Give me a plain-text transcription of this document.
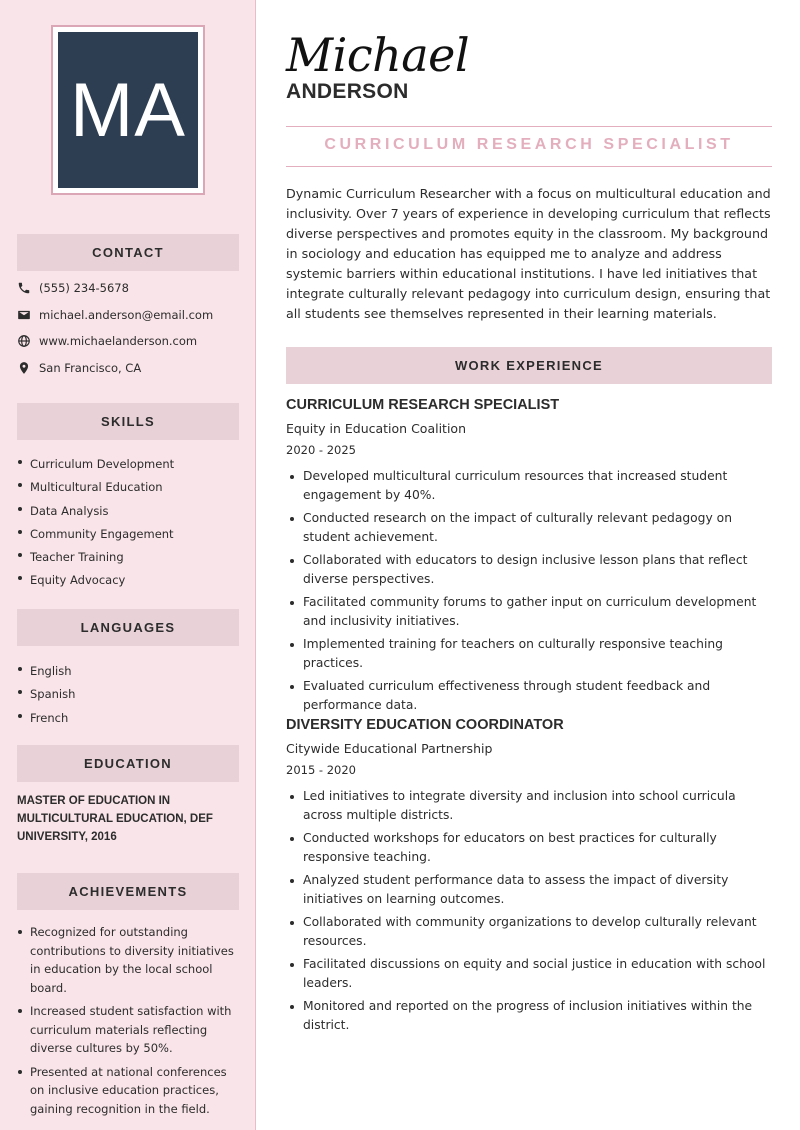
MA
CONTACT
(555) 234-5678
michael.anderson@email.com
www.michaelanderson.com
San Francisco, CA
SKILLS
Curriculum Development
Multicultural Education
Data Analysis
Community Engagement
Teacher Training
Equity Advocacy
LANGUAGES
English
Spanish
French
EDUCATION
MASTER OF EDUCATION IN MULTICULTURAL EDUCATION, DEF UNIVERSITY, 2016
ACHIEVEMENTS
Recognized for outstanding contributions to diversity initiatives in education by the local school board.
Increased student satisfaction with curriculum materials reflecting diverse cultures by 50%.
Presented at national conferences on inclusive education practices, gaining recognition in the field.
Michael
ANDERSON
CURRICULUM RESEARCH SPECIALIST

Dynamic Curriculum Researcher with a focus on multicultural education and inclusivity. Over 7 years of experience in developing curriculum that reflects diverse perspectives and promotes equity in the classroom. My background in sociology and education has equipped me to analyze and address systemic barriers within educational institutions. I have led initiatives that integrate culturally relevant pedagogy into curriculum design, ensuring that all students see themselves represented in their learning materials.

WORK EXPERIENCE
CURRICULUM RESEARCH SPECIALIST
Equity in Education Coalition
2020 - 2025
Developed multicultural curriculum resources that increased student engagement by 40%.
Conducted research on the impact of culturally relevant pedagogy on student achievement.
Collaborated with educators to design inclusive lesson plans that reflect diverse perspectives.
Facilitated community forums to gather input on curriculum development and inclusivity initiatives.
Implemented training for teachers on culturally responsive teaching practices.
Evaluated curriculum effectiveness through student feedback and performance data.
DIVERSITY EDUCATION COORDINATOR
Citywide Educational Partnership
2015 - 2020
Led initiatives to integrate diversity and inclusion into school curricula across multiple districts.
Conducted workshops for educators on best practices for culturally responsive teaching.
Analyzed student performance data to assess the impact of diversity initiatives on learning outcomes.
Collaborated with community organizations to develop culturally relevant resources.
Facilitated discussions on equity and social justice in education with school leaders.
Monitored and reported on the progress of inclusion initiatives within the district.
